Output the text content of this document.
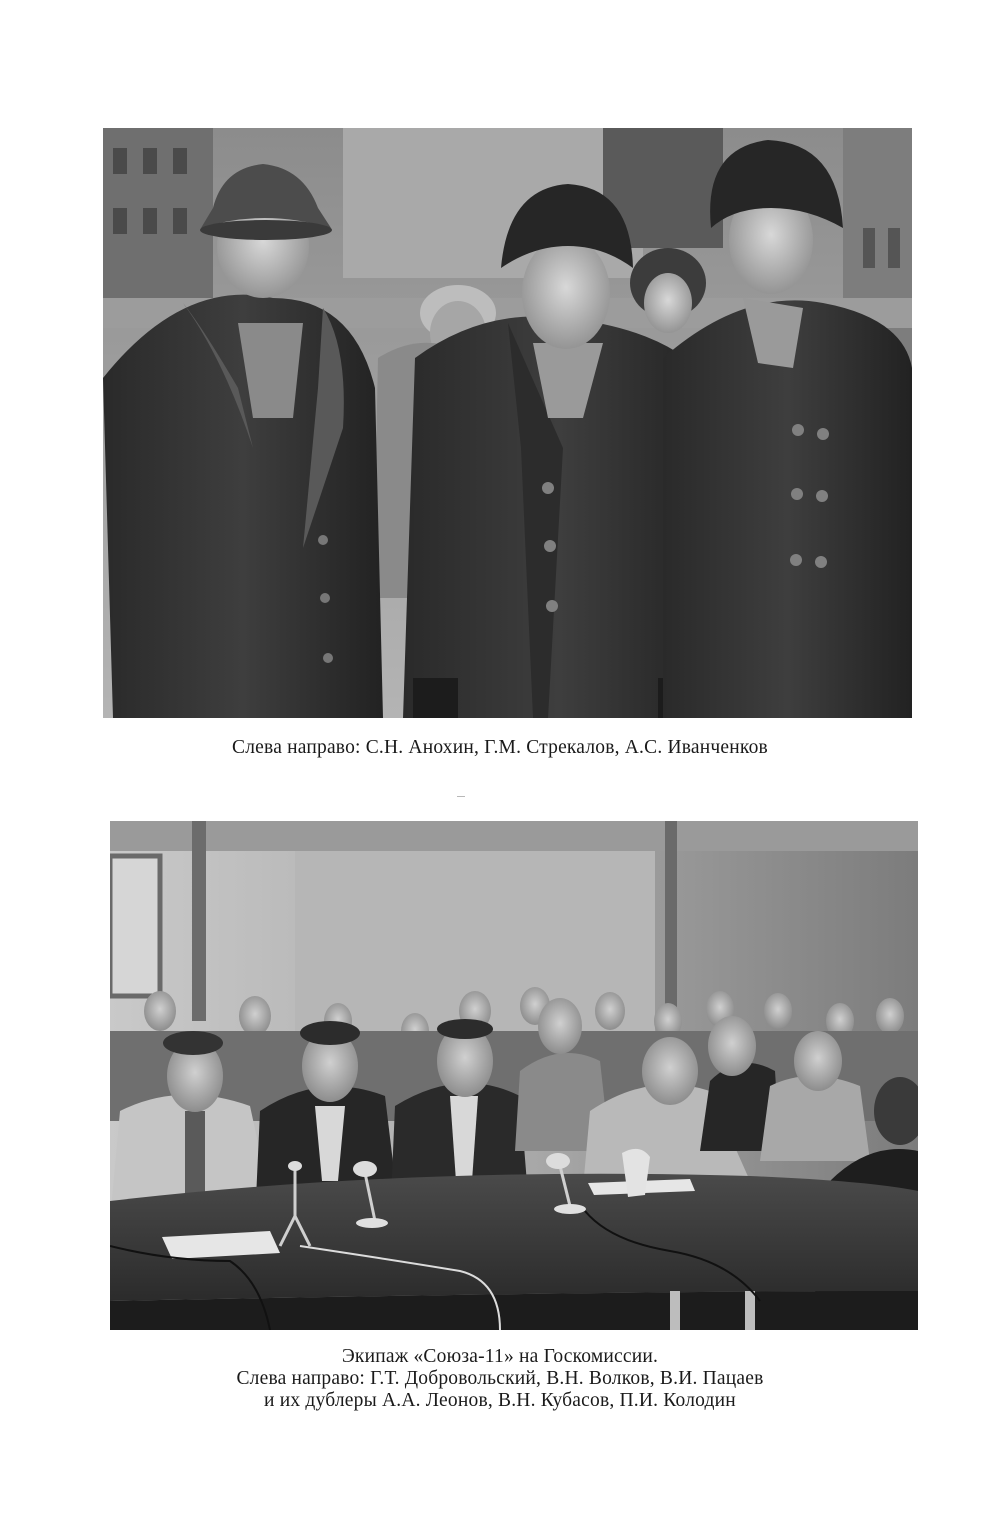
Слева направо: С.Н. Анохин, Г.М. Стрекалов, А.С. Иванченков
Экипаж «Союза-11» на Госкомиссии.
Слева направо: Г.Т. Добровольский, В.Н. Волков, В.И. Пацаев
и их дублеры А.А. Леонов, В.Н. Кубасов, П.И. Колодин
